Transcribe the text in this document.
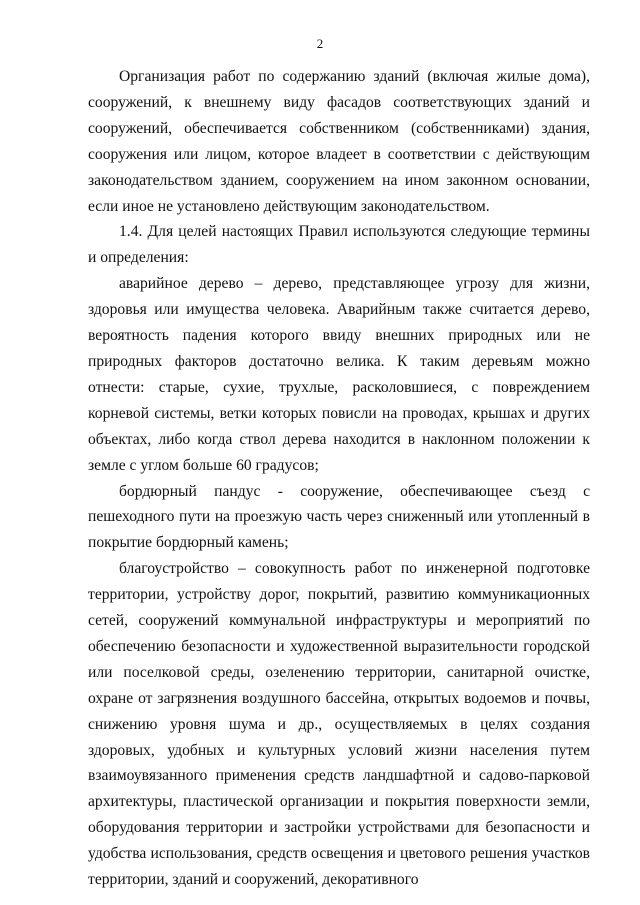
2

Организация работ по содержанию зданий (включая жилые дома), сооружений, к внешнему виду фасадов соответствующих зданий и сооружений, обеспечивается собственником (собственниками) здания, сооружения или лицом, которое владеет в соответствии с действующим законодательством зданием, сооружением на ином законном основании, если иное не установлено действующим законодательством.

1.4. Для целей настоящих Правил используются следующие термины и определения:

аварийное дерево – дерево, представляющее угрозу для жизни, здоровья или имущества человека. Аварийным также считается дерево, вероятность падения которого ввиду внешних природных или не природных факторов достаточно велика. К таким деревьям можно отнести: старые, сухие, трухлые, расколовшиеся, с повреждением корневой системы, ветки которых повисли на проводах, крышах и других объектах, либо когда ствол дерева находится в наклонном положении к земле с углом больше 60 градусов;

бордюрный пандус - сооружение, обеспечивающее съезд с пешеходного пути на проезжую часть через сниженный или утопленный в покрытие бордюрный камень;

благоустройство – совокупность работ по инженерной подготовке территории, устройству дорог, покрытий, развитию коммуникационных сетей, сооружений коммунальной инфраструктуры и мероприятий по обеспечению безопасности и художественной выразительности городской или поселковой среды, озеленению территории, санитарной очистке, охране от загрязнения воздушного бассейна, открытых водоемов и почвы, снижению уровня шума и др., осуществляемых в целях создания здоровых, удобных и культурных условий жизни населения путем взаимоувязанного применения средств ландшафтной и садово-парковой архитектуры, пластической организации и покрытия поверхности земли, оборудования территории и застройки устройствами для безопасности и удобства использования, средств освещения и цветового решения участков территории, зданий и сооружений, декоративного
